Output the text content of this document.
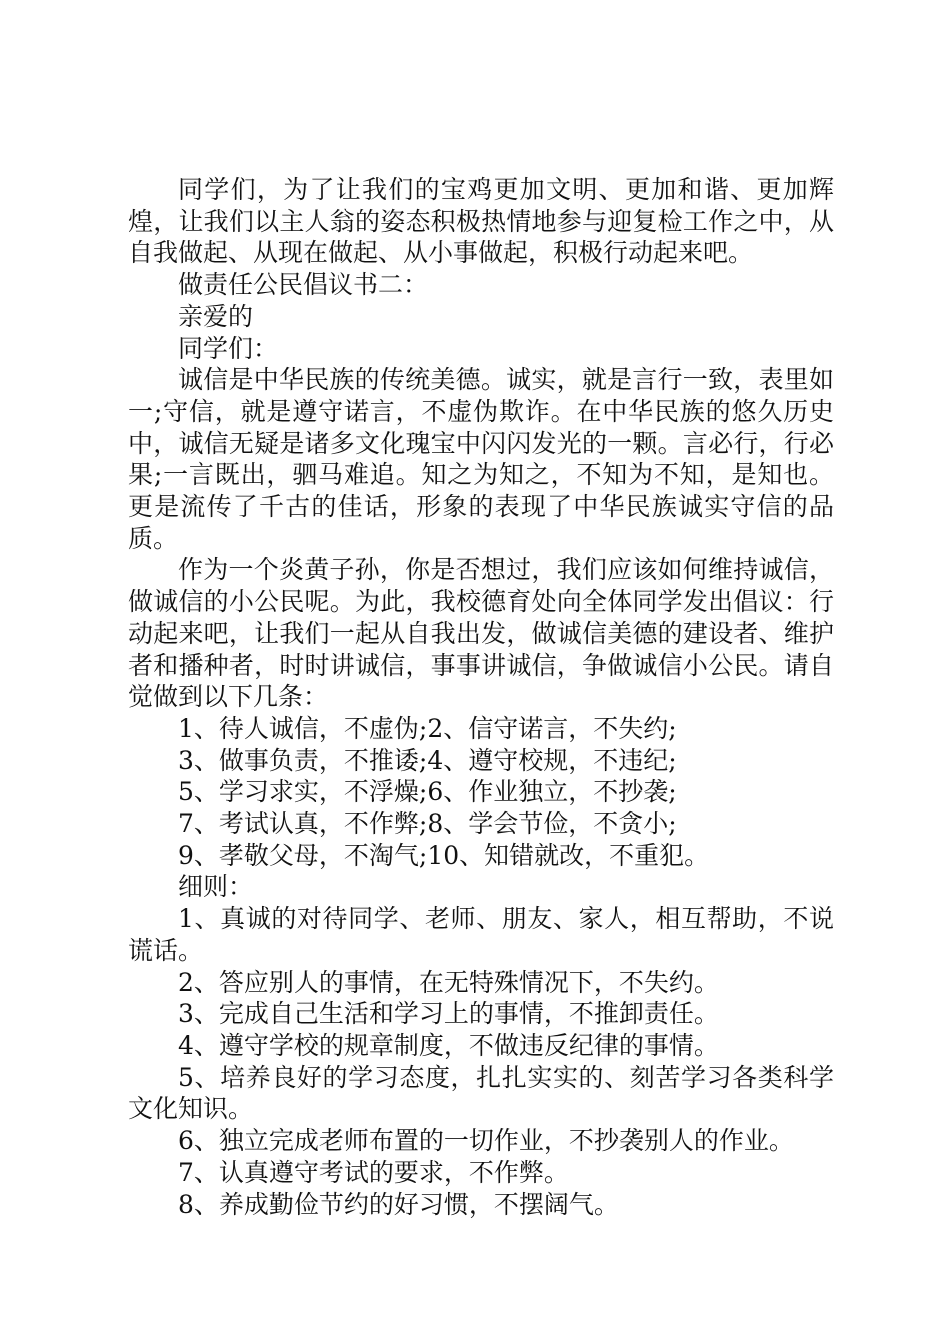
同学们，为了让我们的宝鸡更加文明、更加和谐、更加辉煌，让我们以主人翁的姿态积极热情地参与迎复检工作之中，从自我做起、从现在做起、从小事做起，积极行动起来吧。

做责任公民倡议书二：

亲爱的

同学们：

诚信是中华民族的传统美德。诚实，就是言行一致，表里如一;守信，就是遵守诺言，不虚伪欺诈。在中华民族的悠久历史中，诚信无疑是诸多文化瑰宝中闪闪发光的一颗。言必行，行必果;一言既出，驷马难追。知之为知之，不知为不知，是知也。更是流传了千古的佳话，形象的表现了中华民族诚实守信的品质。

作为一个炎黄子孙，你是否想过，我们应该如何维持诚信，做诚信的小公民呢。为此，我校德育处向全体同学发出倡议：行动起来吧，让我们一起从自我出发，做诚信美德的建设者、维护者和播种者，时时讲诚信，事事讲诚信，争做诚信小公民。请自觉做到以下几条：

1、待人诚信，不虚伪;2、信守诺言，不失约;

3、做事负责，不推诿;4、遵守校规，不违纪;

5、学习求实，不浮燥;6、作业独立，不抄袭;

7、考试认真，不作弊;8、学会节俭，不贪小;

9、孝敬父母，不淘气;10、知错就改，不重犯。

细则：

1、真诚的对待同学、老师、朋友、家人，相互帮助，不说谎话。

2、答应别人的事情，在无特殊情况下，不失约。

3、完成自己生活和学习上的事情，不推卸责任。

4、遵守学校的规章制度，不做违反纪律的事情。

5、培养良好的学习态度，扎扎实实的、刻苦学习各类科学文化知识。

6、独立完成老师布置的一切作业，不抄袭别人的作业。

7、认真遵守考试的要求，不作弊。

8、养成勤俭节约的好习惯，不摆阔气。
